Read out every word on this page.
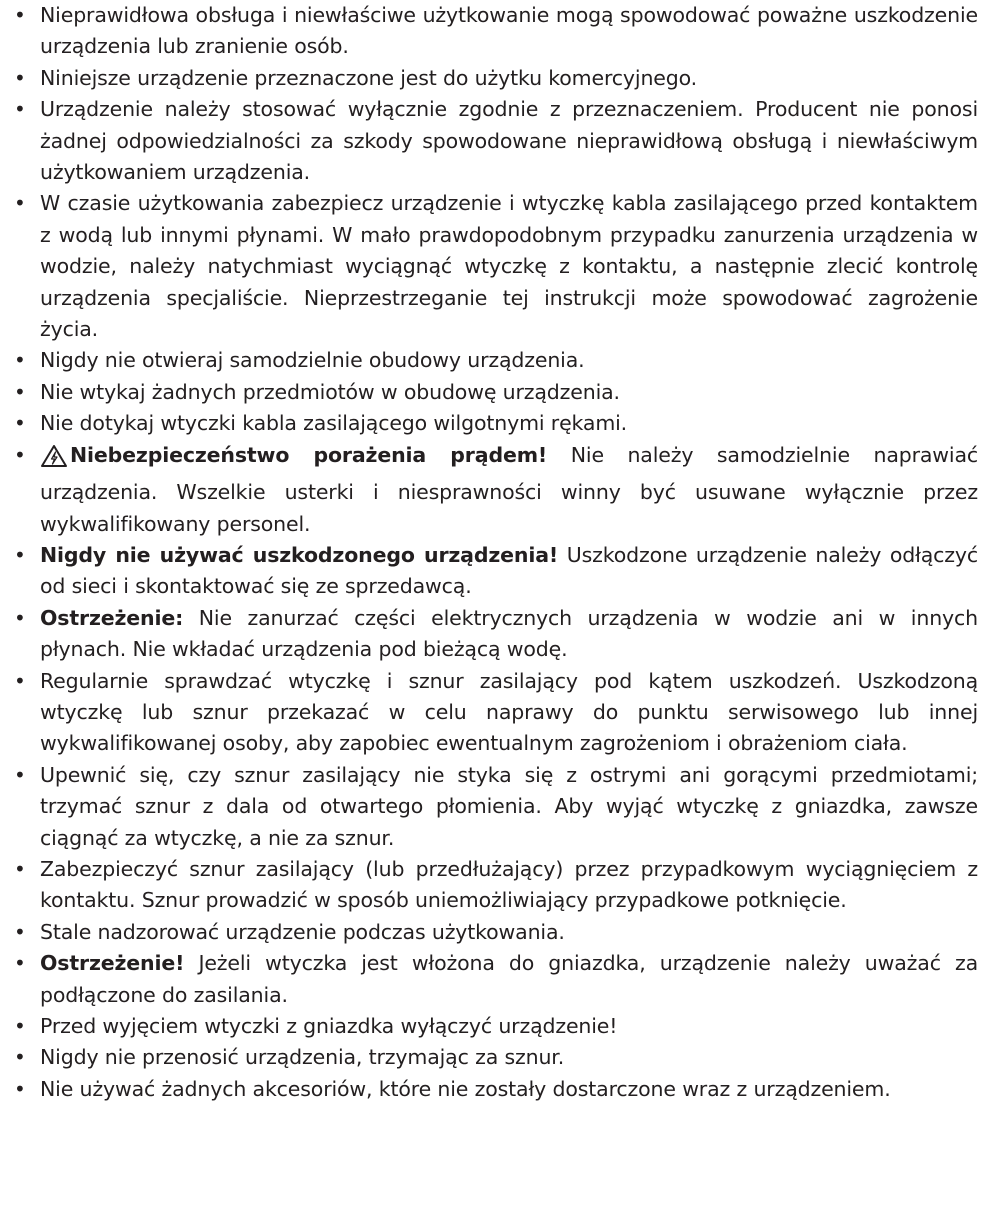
• Nieprawidłowa obsługa i niewłaściwe użytkowanie mogą spowodować poważne uszkodzenie urządzenia lub zranienie osób.
• Niniejsze urządzenie przeznaczone jest do użytku komercyjnego.
• Urządzenie należy stosować wyłącznie zgodnie z przeznaczeniem. Producent nie ponosi żadnej odpowiedzialności za szkody spowodowane nieprawidłową obsługą i niewłaściwym użytkowaniem urządzenia.
• W czasie użytkowania zabezpiecz urządzenie i wtyczkę kabla zasilającego przed kontaktem z wodą lub innymi płynami. W mało prawdopodobnym przypadku zanurzenia urządzenia w wodzie, należy natychmiast wyciągnąć wtyczkę z kontaktu, a następnie zlecić kontrolę urządzenia specjaliście. Nieprzestrzeganie tej instrukcji może spowodować zagrożenie życia.
• Nigdy nie otwieraj samodzielnie obudowy urządzenia.
• Nie wtykaj żadnych przedmiotów w obudowę urządzenia.
• Nie dotykaj wtyczki kabla zasilającego wilgotnymi rękami.
• Niebezpieczeństwo porażenia prądem! Nie należy samodzielnie naprawiać urządzenia. Wszelkie usterki i niesprawności winny być usuwane wyłącznie przez wykwalifikowany personel.
• Nigdy nie używać uszkodzonego urządzenia! Uszkodzone urządzenie należy odłączyć od sieci i skontaktować się ze sprzedawcą.
• Ostrzeżenie: Nie zanurzać części elektrycznych urządzenia w wodzie ani w innych płynach. Nie wkładać urządzenia pod bieżącą wodę.
• Regularnie sprawdzać wtyczkę i sznur zasilający pod kątem uszkodzeń. Uszkodzoną wtyczkę lub sznur przekazać w celu naprawy do punktu serwisowego lub innej wykwalifikowanej osoby, aby zapobiec ewentualnym zagrożeniom i obrażeniom ciała.
• Upewnić się, czy sznur zasilający nie styka się z ostrymi ani gorącymi przedmiotami; trzymać sznur z dala od otwartego płomienia. Aby wyjąć wtyczkę z gniazdka, zawsze ciągnąć za wtyczkę, a nie za sznur.
• Zabezpieczyć sznur zasilający (lub przedłużający) przez przypadkowym wyciągnięciem z kontaktu. Sznur prowadzić w sposób uniemożliwiający przypadkowe potknięcie.
• Stale nadzorować urządzenie podczas użytkowania.
• Ostrzeżenie! Jeżeli wtyczka jest włożona do gniazdka, urządzenie należy uważać za podłączone do zasilania.
• Przed wyjęciem wtyczki z gniazdka wyłączyć urządzenie!
• Nigdy nie przenosić urządzenia, trzymając za sznur.
• Nie używać żadnych akcesoriów, które nie zostały dostarczone wraz z urządzeniem.
